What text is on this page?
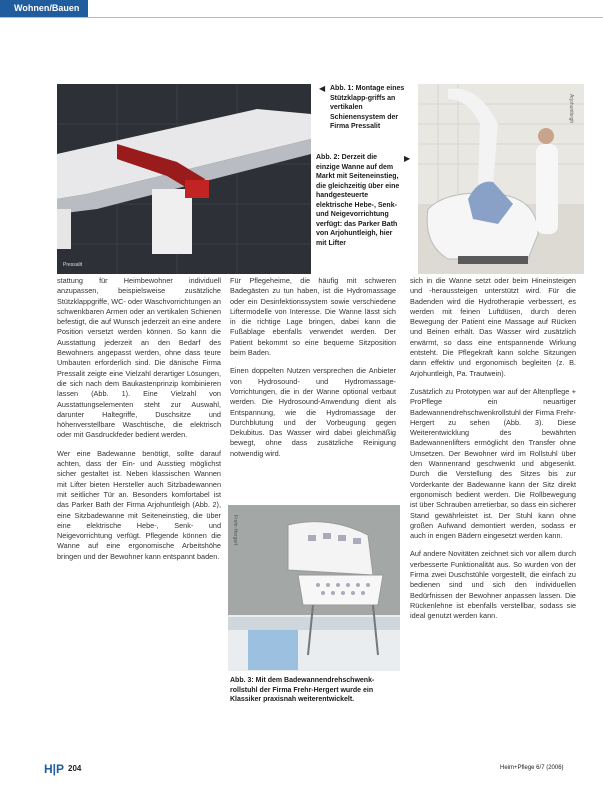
Wohnen/Bauen
Pressalit
◀ Abb. 1: Montage eines Stützklapp-griffs an vertikalen Schienensystem der Firma Pressalit
Abb. 2: Derzeit die einzige Wanne auf dem Markt mit Seiteneinstieg, die gleichzeitig über eine handgesteuerte elektrische Hebe-, Senk- und Neigevorrichtung verfügt: das Parker Bath von Arjohuntleigh, hier mit Lifter
▶
Arjohuntleigh

stattung für Heimbewohner individuell anzupassen, beispielsweise zusätzliche Stützklappgriffe, WC- oder Waschvorrichtungen an schwenkbaren Armen oder an vertikalen Schienen befestigt, die auf Wunsch jederzeit an eine andere Position versetzt werden können. So kann die Ausstattung jederzeit an den Bedarf des Bewohners angepasst werden, ohne dass teure Umbauten erforderlich sind. Die dänische Firma Pressalit zeigte eine Vielzahl derartiger Lösungen, die sich nach dem Baukastenprinzip kombinieren lassen (Abb. 1). Eine Vielzahl von Ausstattungselementen steht zur Auswahl, darunter Haltegriffe, Duschsitze und höhenverstellbare Waschtische, die elektrisch oder mit Gasdruckfeder bedient werden.

Wer eine Badewanne benötigt, sollte darauf achten, dass der Ein- und Ausstieg möglichst sicher gestaltet ist. Neben klassischen Wannen mit Lifter bieten Hersteller auch Sitzbadewannen mit seitlicher Tür an. Besonders komfortabel ist das Parker Bath der Firma Arjohuntleigh (Abb. 2), eine Sitzbadewanne mit Seiteneinstieg, die über eine elektrische Hebe-, Senk- und Neigevorrichtung verfügt. Pflegende können die Wanne auf eine ergonomische Arbeitshöhe bringen und der Bewohner kann entspannt baden.

Für Pflegeheime, die häufig mit schweren Badegästen zu tun haben, ist die Hydromassage oder ein Desinfektionssystem sowie verschiedene Liftermodelle von Interesse. Die Wanne lässt sich in die richtige Lage bringen, dabei kann die Fußablage ebenfalls verwendet werden. Der Patient bekommt so eine bequeme Sitzposition beim Baden.

Einen doppelten Nutzen versprechen die Anbieter von Hydrosound- und Hydromassage-Vorrichtungen, die in der Wanne optional verbaut werden. Die Hydrosound-Anwendung dient als Entspannung, wie die Hydromassage der Durchblutung und der Vorbeugung gegen Dekubitus. Das Wasser wird dabei gleichmäßig bewegt, ohne dass zusätzliche Reinigung notwendig wird.

Frehr-Hergert
Abb. 3: Mit dem Badewannendrehschwenk-rollstuhl der Firma Frehr-Hergert wurde ein Klassiker praxisnah weiterentwickelt.

sich in die Wanne setzt oder beim Hineinsteigen und -heraussteigen unterstützt wird. Für die Badenden wird die Hydrotherapie verbessert, es werden mit feinen Luftdüsen, durch deren Bewegung der Patient eine Massage auf Rücken und Beinen erhält. Das Wasser wird zusätzlich erwärmt, so dass eine entspannende Wirkung entsteht. Die Pflegekraft kann solche Sitzungen dann effektiv und ergonomisch begleiten (z. B. Arjohuntleigh, Pa. Trautwein).

Zusätzlich zu Prototypen war auf der Altenpflege + ProPflege ein neuartiger Badewannendrehschwenkrollstuhl der Firma Frehr-Hergert zu sehen (Abb. 3). Diese Weiterentwicklung des bewährten Badewannenlifters ermöglicht den Transfer ohne Umsetzen. Der Bewohner wird im Rollstuhl über den Wannenrand geschwenkt und abgesenkt. Durch die Verstellung des Sitzes bis zur Vorderkante der Badewanne kann der Sitz direkt ergonomisch bedient werden. Die Rollbewegung ist über Schrauben arretierbar, so dass ein sicherer Stand gewährleistet ist. Der Stuhl kann ohne großen Aufwand demontiert werden, sodass er auch in engen Bädern eingesetzt werden kann.

Auf andere Novitäten zeichnet sich vor allem durch verbesserte Funktionalität aus. So wurden von der Firma zwei Duschstühle vorgestellt, die einfach zu bedienen sind und sich den individuellen Bedürfnissen der Bewohner anpassen lassen. Die Rückenlehne ist ebenfalls verstellbar, sodass sie ideal genutzt werden kann.

H|P 204	Heim+Pflege 6/7 (2006)
